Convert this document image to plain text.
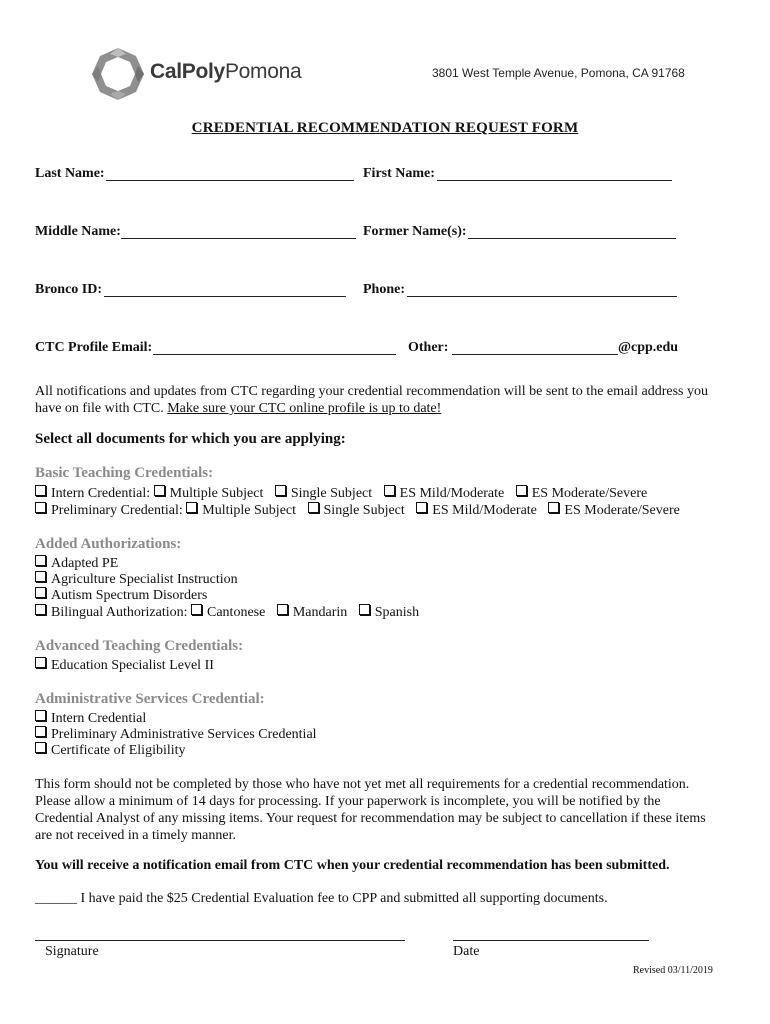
CalPolyPomona	3801 West Temple Avenue, Pomona, CA 91768
CREDENTIAL RECOMMENDATION REQUEST FORM
Last Name:	First Name:
Middle Name:	Former Name(s):
Bronco ID:	Phone:
CTC Profile Email:	Other:	@cpp.edu
All notifications and updates from CTC regarding your credential recommendation will be sent to the email address you have on file with CTC. Make sure your CTC online profile is up to date!
Select all documents for which you are applying:
Basic Teaching Credentials:
Intern Credential: Multiple Subject Single Subject ES Mild/Moderate ES Moderate/Severe
Preliminary Credential: Multiple Subject Single Subject ES Mild/Moderate ES Moderate/Severe
Added Authorizations:
Adapted PE
Agriculture Specialist Instruction
Autism Spectrum Disorders
Bilingual Authorization: Cantonese Mandarin Spanish
Advanced Teaching Credentials:
Education Specialist Level II
Administrative Services Credential:
Intern Credential
Preliminary Administrative Services Credential
Certificate of Eligibility
This form should not be completed by those who have not yet met all requirements for a credential recommendation. Please allow a minimum of 14 days for processing. If your paperwork is incomplete, you will be notified by the Credential Analyst of any missing items. Your request for recommendation may be subject to cancellation if these items are not received in a timely manner.
You will receive a notification email from CTC when your credential recommendation has been submitted.
______ I have paid the $25 Credential Evaluation fee to CPP and submitted all supporting documents.
Signature	Date
Revised 03/11/2019
